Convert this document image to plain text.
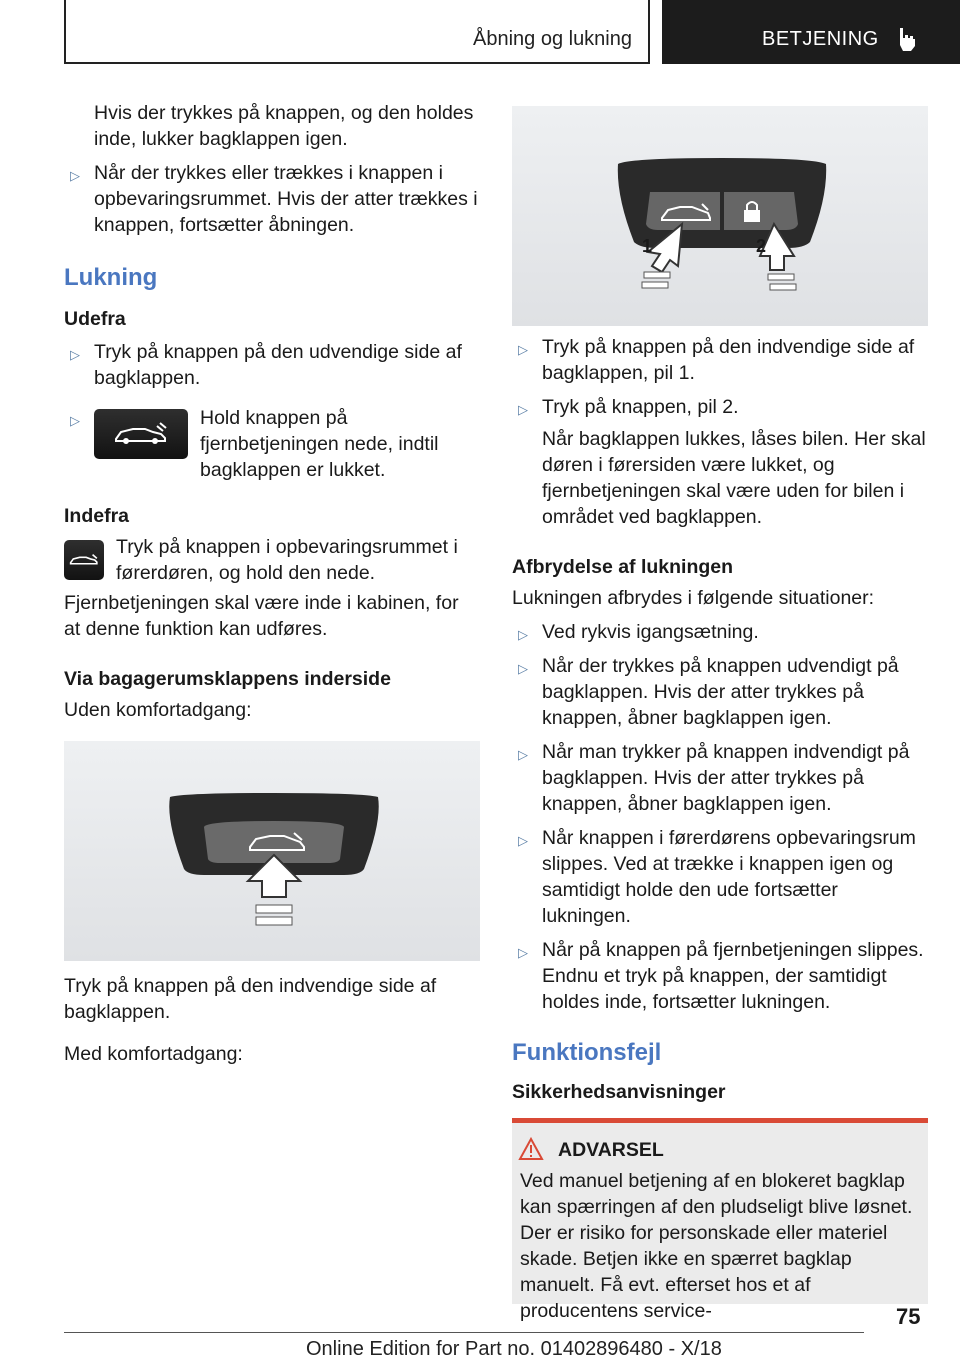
Åbning og lukning	BETJENING

Hvis der trykkes på knappen, og den holdes inde, lukker bagklappen igen.

▷
Når der trykkes eller trækkes i knappen i opbevaringsrummet. Hvis der atter trækkes i knappen, fortsætter åbningen.
Lukning
Udefra
▷
Tryk på knappen på den udvendige side af bagklappen.
▷
Hold knappen på fjernbetjeningen nede, indtil bagklappen er lukket.
Indefra

Tryk på knappen i opbevaringsrummet i førerdøren, og hold den nede.

Fjernbetjeningen skal være inde i kabinen, for at denne funktion kan udføres.

Via bagagerumsklappens inderside

Uden komfortadgang:

Tryk på knappen på den indvendige side af bagklappen.

Med komfortadgang:

1	2
▷
Tryk på knappen på den indvendige side af bagklappen, pil 1.
▷
Tryk på knappen, pil 2.

Når bagklappen lukkes, låses bilen. Her skal døren i førersiden være lukket, og fjernbetjeningen skal være uden for bilen i området ved bagklappen.

Afbrydelse af lukningen

Lukningen afbrydes i følgende situationer:

▷
Ved rykvis igangsætning.
▷
Når der trykkes på knappen udvendigt på bagklappen. Hvis der atter trykkes på knappen, åbner bagklappen igen.
▷
Når man trykker på knappen indvendigt på bagklappen. Hvis der atter trykkes på knappen, åbner bagklappen igen.
▷
Når knappen i førerdørens opbevaringsrum slippes. Ved at trække i knappen igen og samtidigt holde den ude fortsætter lukningen.
▷
Når på knappen på fjernbetjeningen slippes. Endnu et tryk på knappen, der samtidigt holdes inde, fortsætter lukningen.
Funktionsfejl
Sikkerhedsanvisninger
ADVARSEL

Ved manuel betjening af en blokeret bagklap kan spærringen af den pludseligt blive løsnet. Der er risiko for personskade eller materiel skade. Betjen ikke en spærret bagklap manuelt. Få evt. efterset hos et af producentens service-	75
Online Edition for Part no. 01402896480 - X/18
